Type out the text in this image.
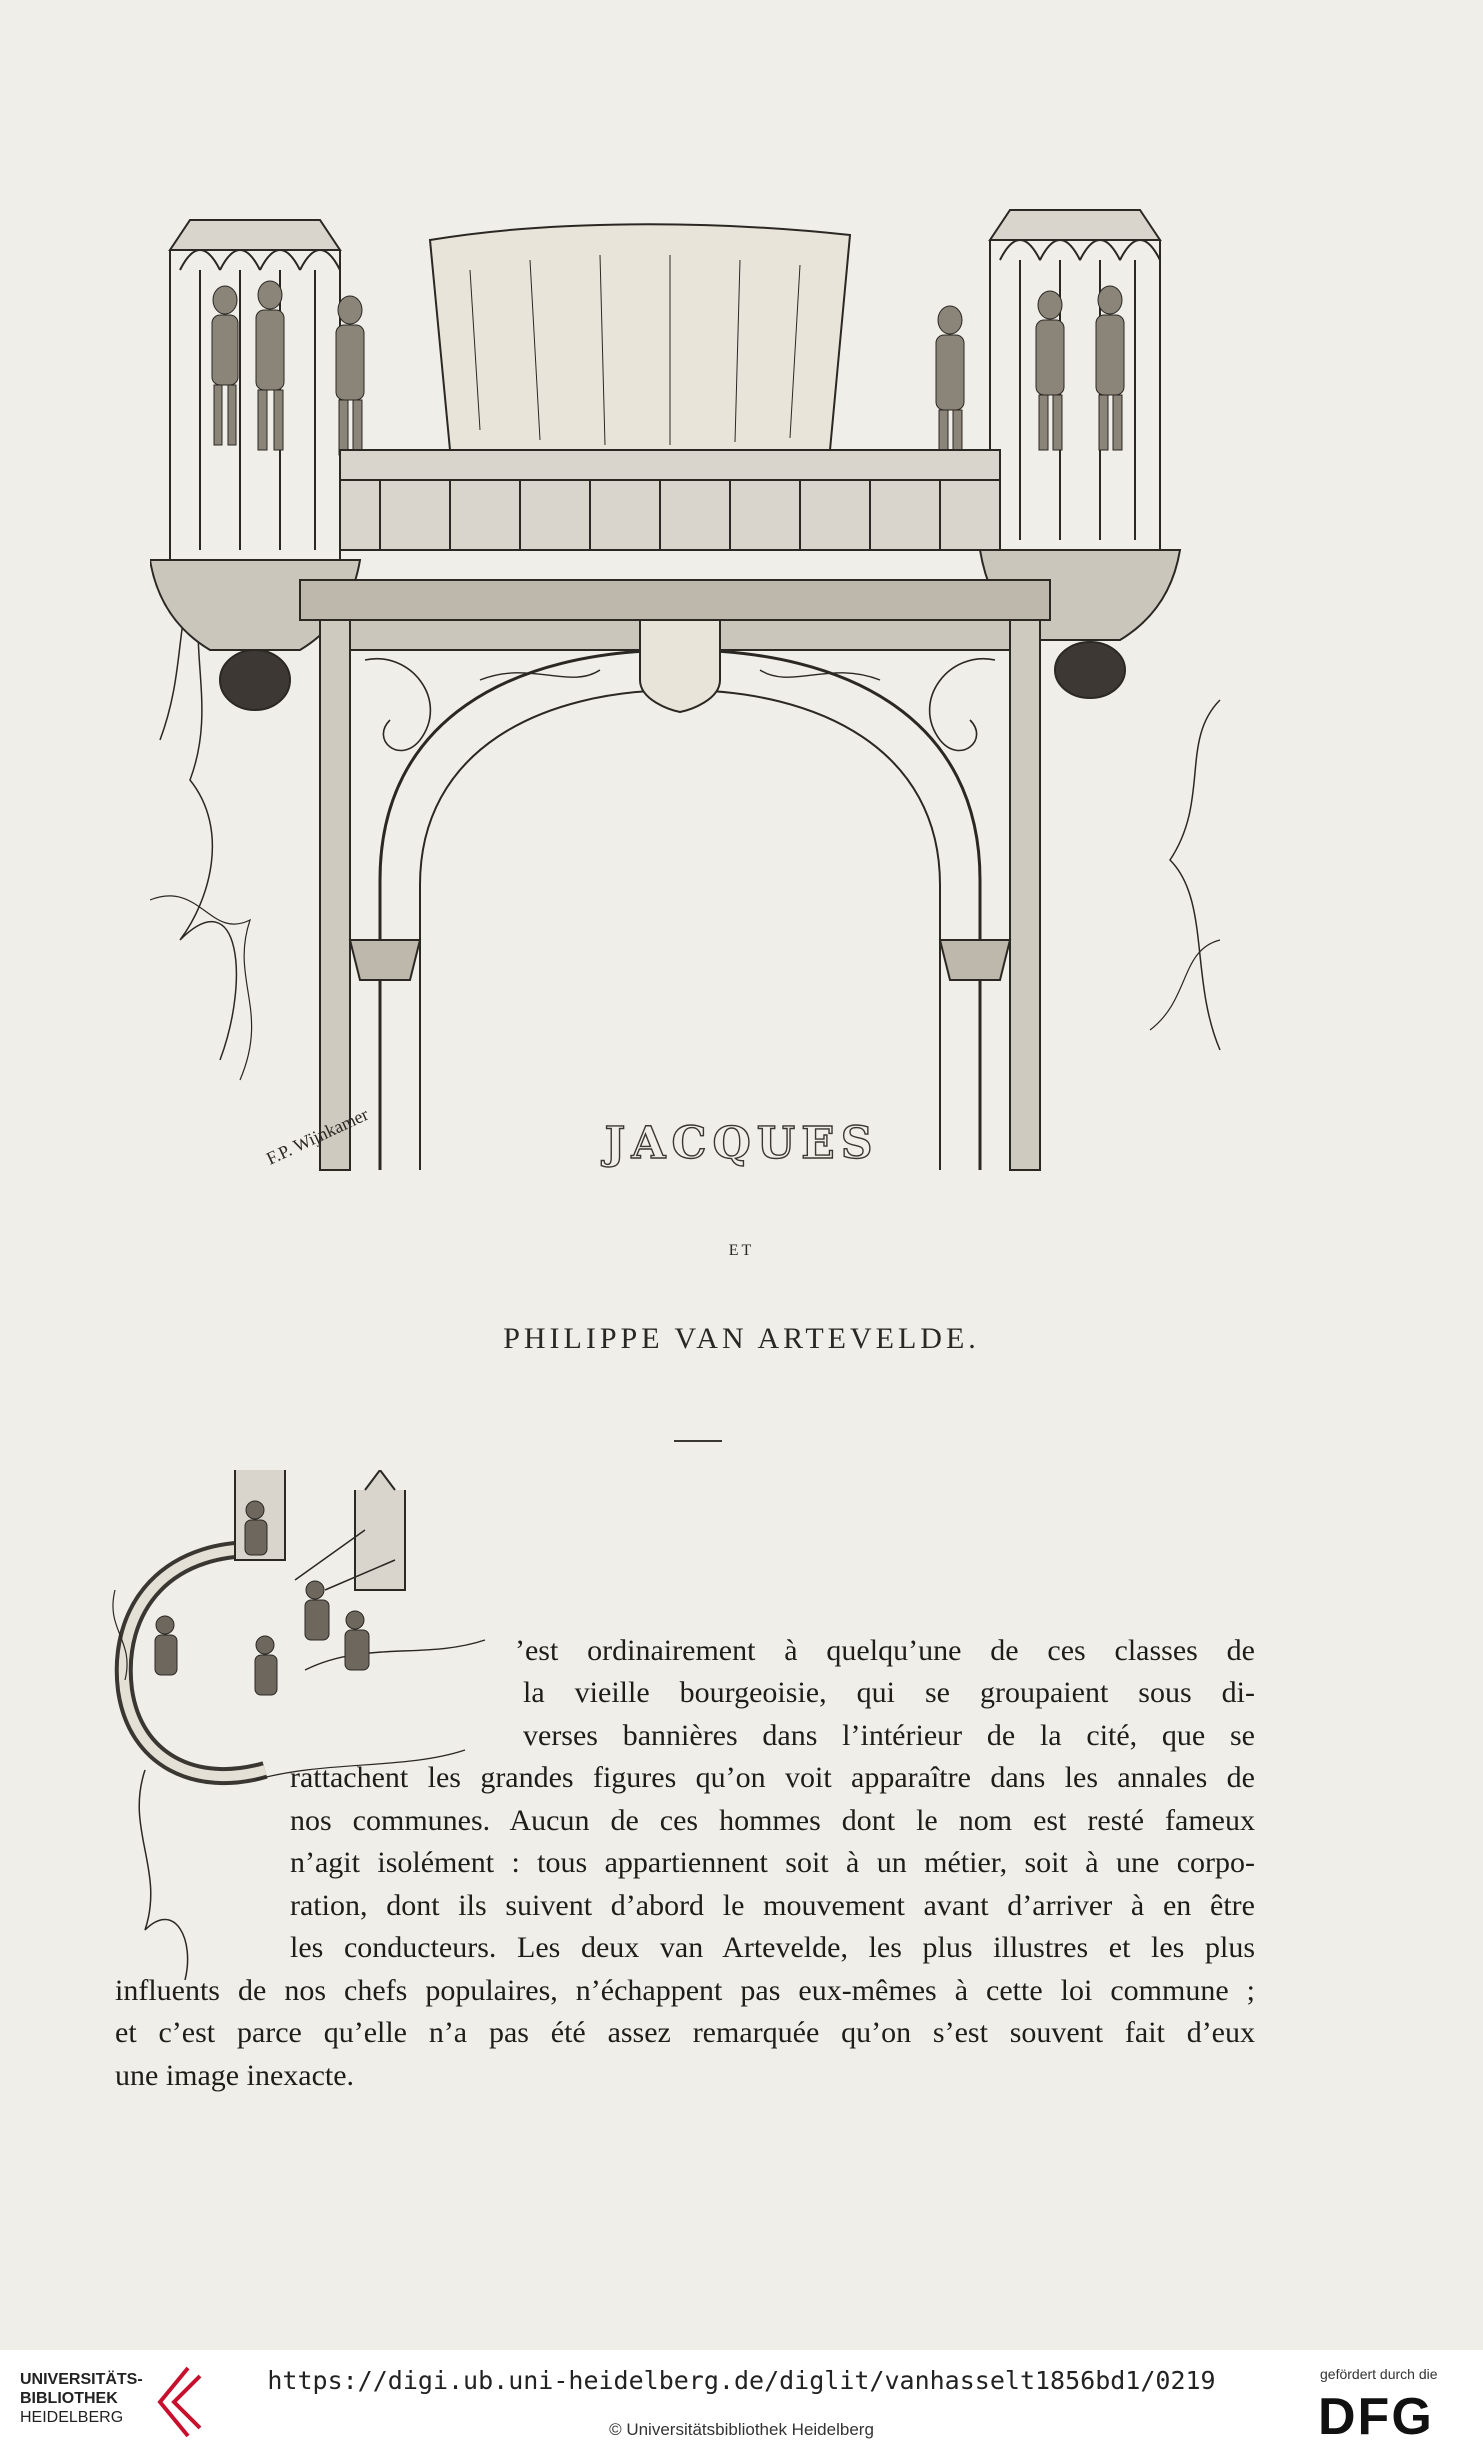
F.P. Wijnkamer	JACQUES
ET
PHILIPPE VAN ARTEVELDE.
’est ordinairement à quelqu’une de ces classes de
la vieille bourgeoisie, qui se groupaient sous di-
verses bannières dans l’intérieur de la cité, que se
rattachent les grandes figures qu’on voit apparaître dans les annales de
nos communes. Aucun de ces hommes dont le nom est resté fameux
n’agit isolément : tous appartiennent soit à un métier, soit à une corpo-
ration, dont ils suivent d’abord le mouvement avant d’arriver à en être
les conducteurs. Les deux van Artevelde, les plus illustres et les plus
influents de nos chefs populaires, n’échappent pas eux-mêmes à cette loi commune ;
et c’est parce qu’elle n’a pas été assez remarquée qu’on s’est souvent fait d’eux
une image inexacte.
UNIVERSITÄTS-
BIBLIOTHEK
HEIDELBERG
https://digi.ub.uni-heidelberg.de/diglit/vanhasselt1856bd1/0219
© Universitätsbibliothek Heidelberg
gefördert durch die
DFG
